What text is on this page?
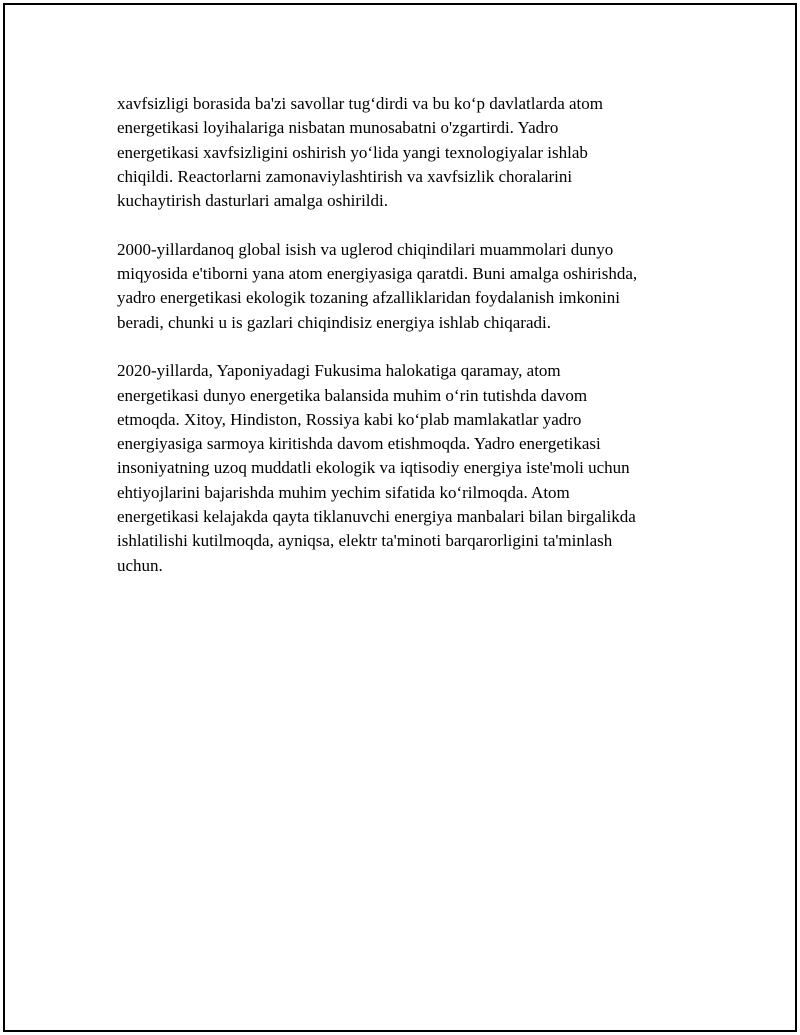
xavfsizligi borasida ba'zi savollar tug‘dirdi va bu ko‘p davlatlarda atom
energetikasi loyihalariga nisbatan munosabatni o'zgartirdi. Yadro
energetikasi xavfsizligini oshirish yo‘lida yangi texnologiyalar ishlab
chiqildi. Reactorlarni zamonaviylashtirish va xavfsizlik choralarini
kuchaytirish dasturlari amalga oshirildi.

2000-yillardanoq global isish va uglerod chiqindilari muammolari dunyo
miqyosida e'tiborni yana atom energiyasiga qaratdi. Buni amalga oshirishda,
yadro energetikasi ekologik tozaning afzalliklaridan foydalanish imkonini
beradi, chunki u is gazlari chiqindisiz energiya ishlab chiqaradi.

2020-yillarda, Yaponiyadagi Fukusima halokatiga qaramay, atom
energetikasi dunyo energetika balansida muhim o‘rin tutishda davom
etmoqda. Xitoy, Hindiston, Rossiya kabi ko‘plab mamlakatlar yadro
energiyasiga sarmoya kiritishda davom etishmoqda. Yadro energetikasi
insoniyatning uzoq muddatli ekologik va iqtisodiy energiya iste'moli uchun
ehtiyojlarini bajarishda muhim yechim sifatida ko‘rilmoqda. Atom
energetikasi kelajakda qayta tiklanuvchi energiya manbalari bilan birgalikda
ishlatilishi kutilmoqda, ayniqsa, elektr ta'minoti barqarorligini ta'minlash
uchun.
